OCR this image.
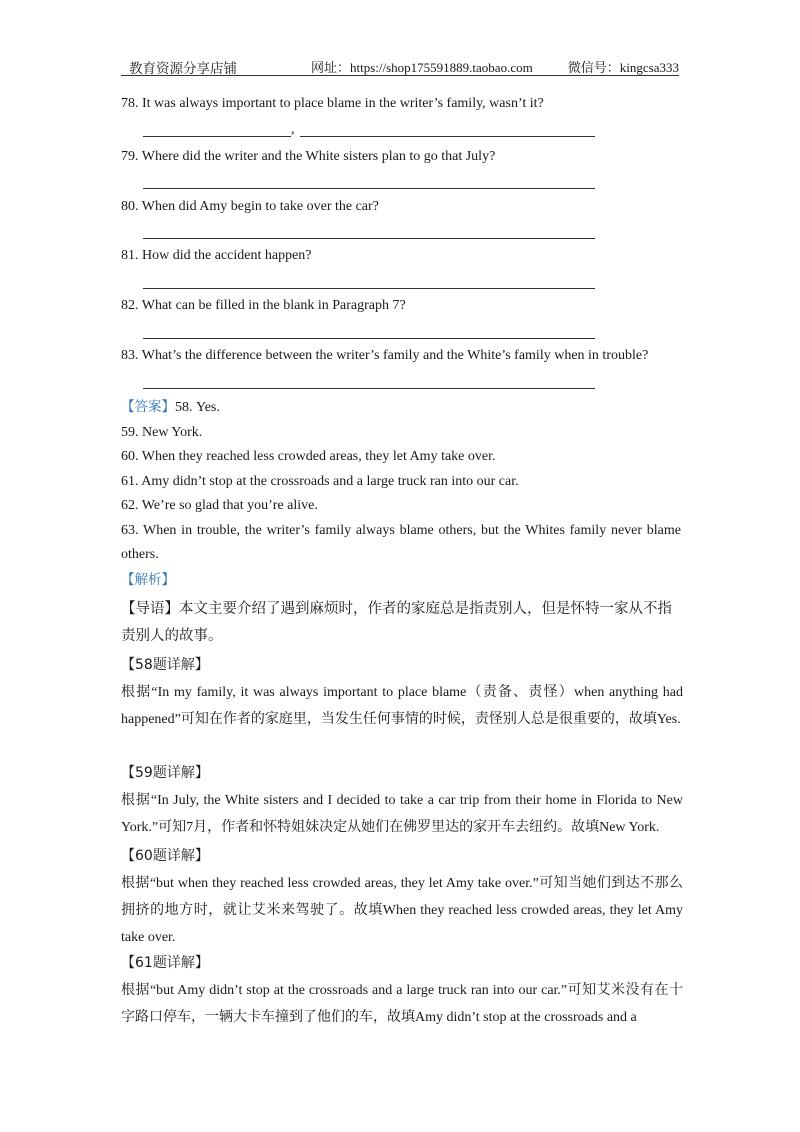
教育资源分享店铺	网址：https://shop175591889.taobao.com	微信号：kingcsa333
78. It was always important to place blame in the writer’s family, wasn’t it?
,
79. Where did the writer and the White sisters plan to go that July?
80. When did Amy begin to take over the car?
81. How did the accident happen?
82. What can be filled in the blank in Paragraph 7?
83. What’s the difference between the writer’s family and the White’s family when in trouble?
【答案】58. Yes.
59. New York.
60. When they reached less crowded areas, they let Amy take over.
61. Amy didn’t stop at the crossroads and a large truck ran into our car.
62. We’re so glad that you’re alive.
63. When in trouble, the writer’s family always blame others, but the Whites family never blame others.
【解析】
【导语】本文主要介绍了遇到麻烦时，作者的家庭总是指责别人，但是怀特一家从不指责别人的故事。
【58题详解】
根据“In my family, it was always important to place blame（责备、责怪）when anything had happened”可知在作者的家庭里，当发生任何事情的时候，责怪别人总是很重要的，故填Yes.
【59题详解】
根据“In July, the White sisters and I decided to take a car trip from their home in Florida to New York.”可知7月，作者和怀特姐妹决定从她们在佛罗里达的家开车去纽约。故填New York.
【60题详解】
根据“but when they reached less crowded areas, they let Amy take over.”可知当她们到达不那么拥挤的地方时，就让艾米来驾驶了。故填When they reached less crowded areas, they let Amy take over.
【61题详解】
根据“but Amy didn’t stop at the crossroads and a large truck ran into our car.”可知艾米没有在十字路口停车，一辆大卡车撞到了他们的车，故填Amy didn’t stop at the crossroads and a
